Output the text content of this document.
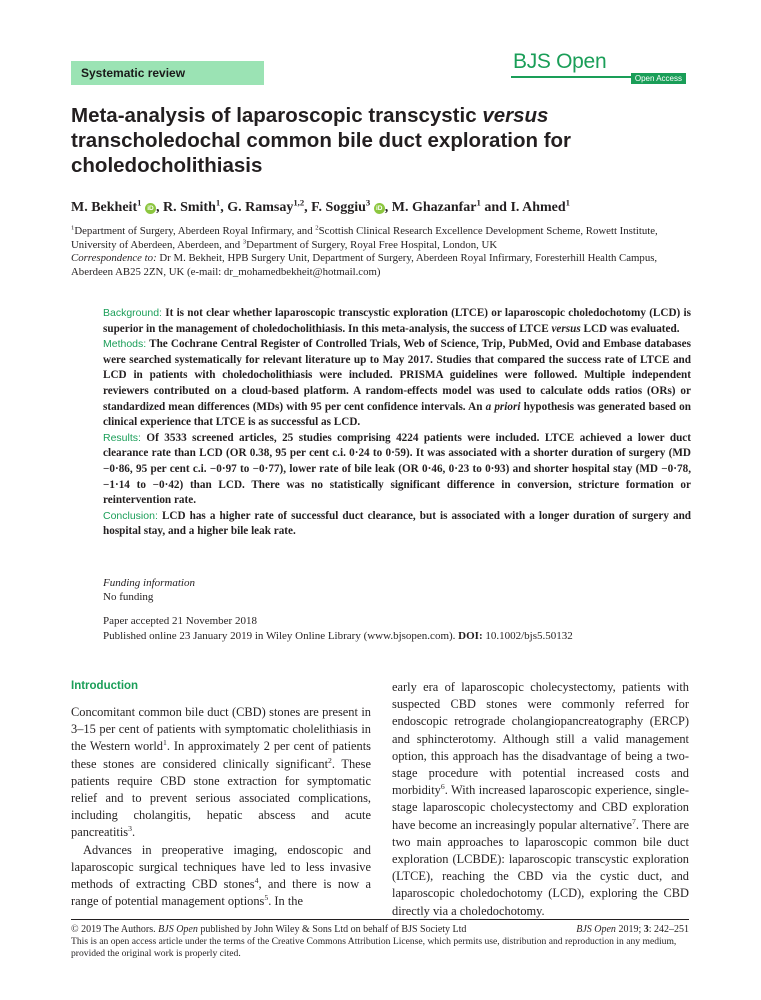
Systematic review	BJS Open
Open Access
Meta-analysis of laparoscopic transcystic versus transcholedochal common bile duct exploration for choledocholithiasis
M. Bekheit$^1$ iD , R. Smith$^1$, G. Ramsay$^{1,2}$, F. Soggiu$^3$ iD , M. Ghazanfar$^1$ and I. Ahmed$^1$

$^1$Department of Surgery, Aberdeen Royal Infirmary, and $^2$Scottish Clinical Research Excellence Development Scheme, Rowett Institute, University of Aberdeen, Aberdeen, and $^3$Department of Surgery, Royal Free Hospital, London, UK

Correspondence to: Dr M. Bekheit, HPB Surgery Unit, Department of Surgery, Aberdeen Royal Infirmary, Foresterhill Health Campus, Aberdeen AB25 2ZN, UK (e-mail: dr_mohamedbekheit@hotmail.com)

Background: It is not clear whether laparoscopic transcystic exploration (LTCE) or laparoscopic choledochotomy (LCD) is superior in the management of choledocholithiasis. In this meta-analysis, the success of LTCE versus LCD was evaluated.

Methods: The Cochrane Central Register of Controlled Trials, Web of Science, Trip, PubMed, Ovid and Embase databases were searched systematically for relevant literature up to May 2017. Studies that compared the success rate of LTCE and LCD in patients with choledocholithiasis were included. PRISMA guidelines were followed. Multiple independent reviewers contributed on a cloud-based platform. A random-effects model was used to calculate odds ratios (ORs) or standardized mean differences (MDs) with 95 per cent confidence intervals. An a priori hypothesis was generated based on clinical experience that LTCE is as successful as LCD.

Results: Of 3533 screened articles, 25 studies comprising 4224 patients were included. LTCE achieved a lower duct clearance rate than LCD (OR 0.38, 95 per cent c.i. 0·24 to 0·59). It was associated with a shorter duration of surgery (MD −0·86, 95 per cent c.i. −0·97 to −0·77), lower rate of bile leak (OR 0·46, 0·23 to 0·93) and shorter hospital stay (MD −0·78, −1·14 to −0·42) than LCD. There was no statistically significant difference in conversion, stricture formation or reintervention rate.

Conclusion: LCD has a higher rate of successful duct clearance, but is associated with a longer duration of surgery and hospital stay, and a higher bile leak rate.

Funding information

No funding

Paper accepted 21 November 2018

Published online 23 January 2019 in Wiley Online Library (www.bjsopen.com). DOI: 10.1002/bjs5.50132

Introduction

Concomitant common bile duct (CBD) stones are present in 3–15 per cent of patients with symptomatic cholelithiasis in the Western world$^1$. In approximately 2 per cent of patients these stones are considered clinically significant$^2$. These patients require CBD stone extraction for symptomatic relief and to prevent serious associated complications, including cholangitis, hepatic abscess and acute pancreatitis$^3$.

Advances in preoperative imaging, endoscopic and laparoscopic surgical techniques have led to less invasive methods of extracting CBD stones$^4$, and there is now a range of potential management options$^5$. In the

early era of laparoscopic cholecystectomy, patients with suspected CBD stones were commonly referred for endoscopic retrograde cholangiopancreatography (ERCP) and sphincterotomy. Although still a valid management option, this approach has the disadvantage of being a two-stage procedure with potential increased costs and morbidity$^6$. With increased laparoscopic experience, single-stage laparoscopic cholecystectomy and CBD exploration have become an increasingly popular alternative$^7$. There are two main approaches to laparoscopic common bile duct exploration (LCBDE): laparoscopic transcystic exploration (LTCE), reaching the CBD via the cystic duct, and laparoscopic choledochotomy (LCD), exploring the CBD directly via a choledochotomy.

© 2019 The Authors. BJS Open published by John Wiley & Sons Ltd on behalf of BJS Society Ltd	BJS Open 2019; 3: 242–251
This is an open access article under the terms of the Creative Commons Attribution License, which permits use, distribution and reproduction in any medium, provided the original work is properly cited.
